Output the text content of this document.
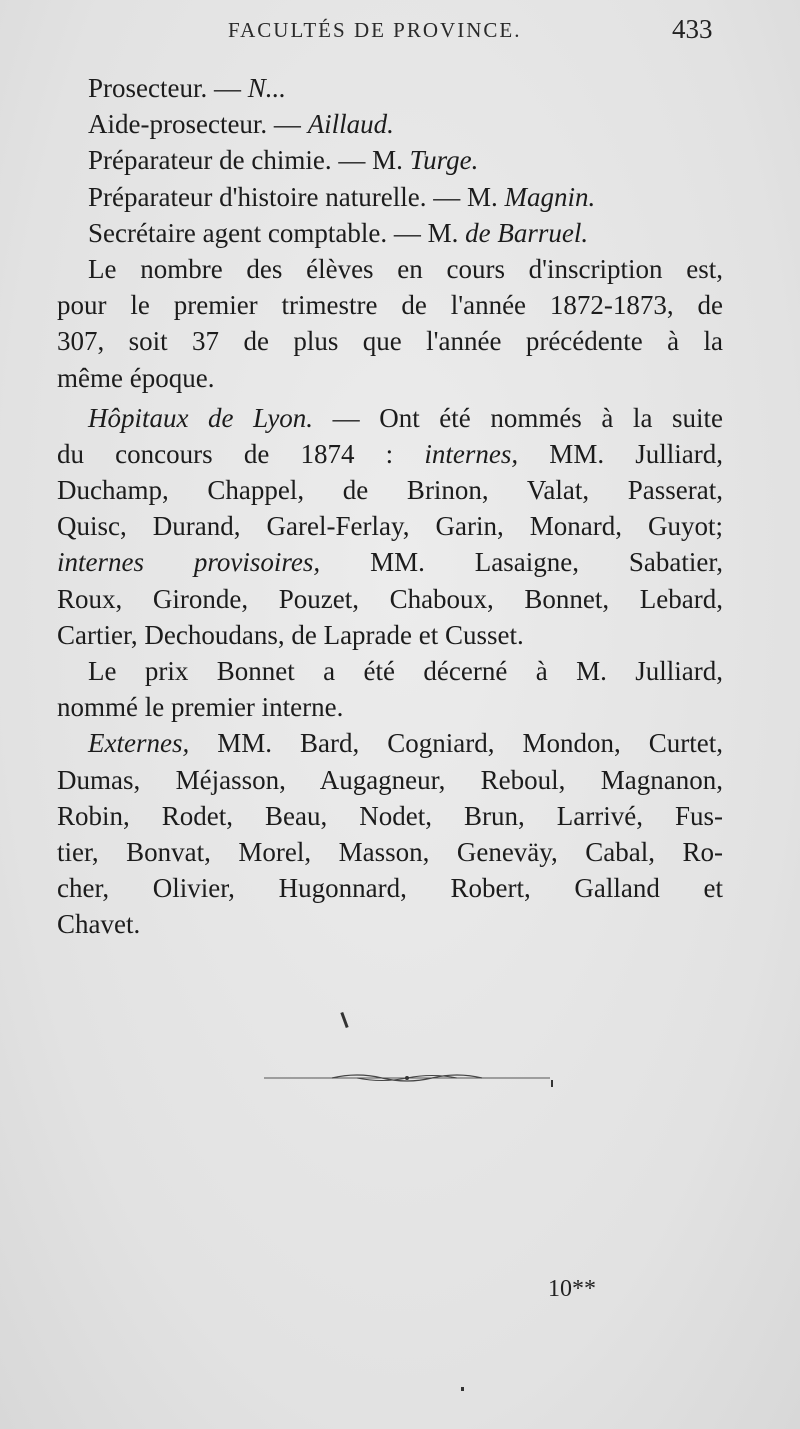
FACULTÉS DE PROVINCE.	433
Prosecteur. — N...
Aide-prosecteur. — Aillaud.
Préparateur de chimie. — M. Turge.
Préparateur d'histoire naturelle. — M. Magnin.
Secrétaire agent comptable. — M. de Barruel.
Le nombre des élèves en cours d'inscription est,
pour le premier trimestre de l'année 1872-1873, de
307, soit 37 de plus que l'année précédente à la
même époque.
Hôpitaux de Lyon. — Ont été nommés à la suite
du concours de 1874 : internes, MM. Julliard,
Duchamp, Chappel, de Brinon, Valat, Passerat,
Quisc, Durand, Garel-Ferlay, Garin, Monard, Guyot;
internes provisoires, MM. Lasaigne, Sabatier,
Roux, Gironde, Pouzet, Chaboux, Bonnet, Lebard,
Cartier, Dechoudans, de Laprade et Cusset.
Le prix Bonnet a été décerné à M. Julliard,
nommé le premier interne.
Externes, MM. Bard, Cogniard, Mondon, Curtet,
Dumas, Méjasson, Augagneur, Reboul, Magnanon,
Robin, Rodet, Beau, Nodet, Brun, Larrivé, Fus-
tier, Bonvat, Morel, Masson, Geneväy, Cabal, Ro-
cher, Olivier, Hugonnard, Robert, Galland et
Chavet.
10**
